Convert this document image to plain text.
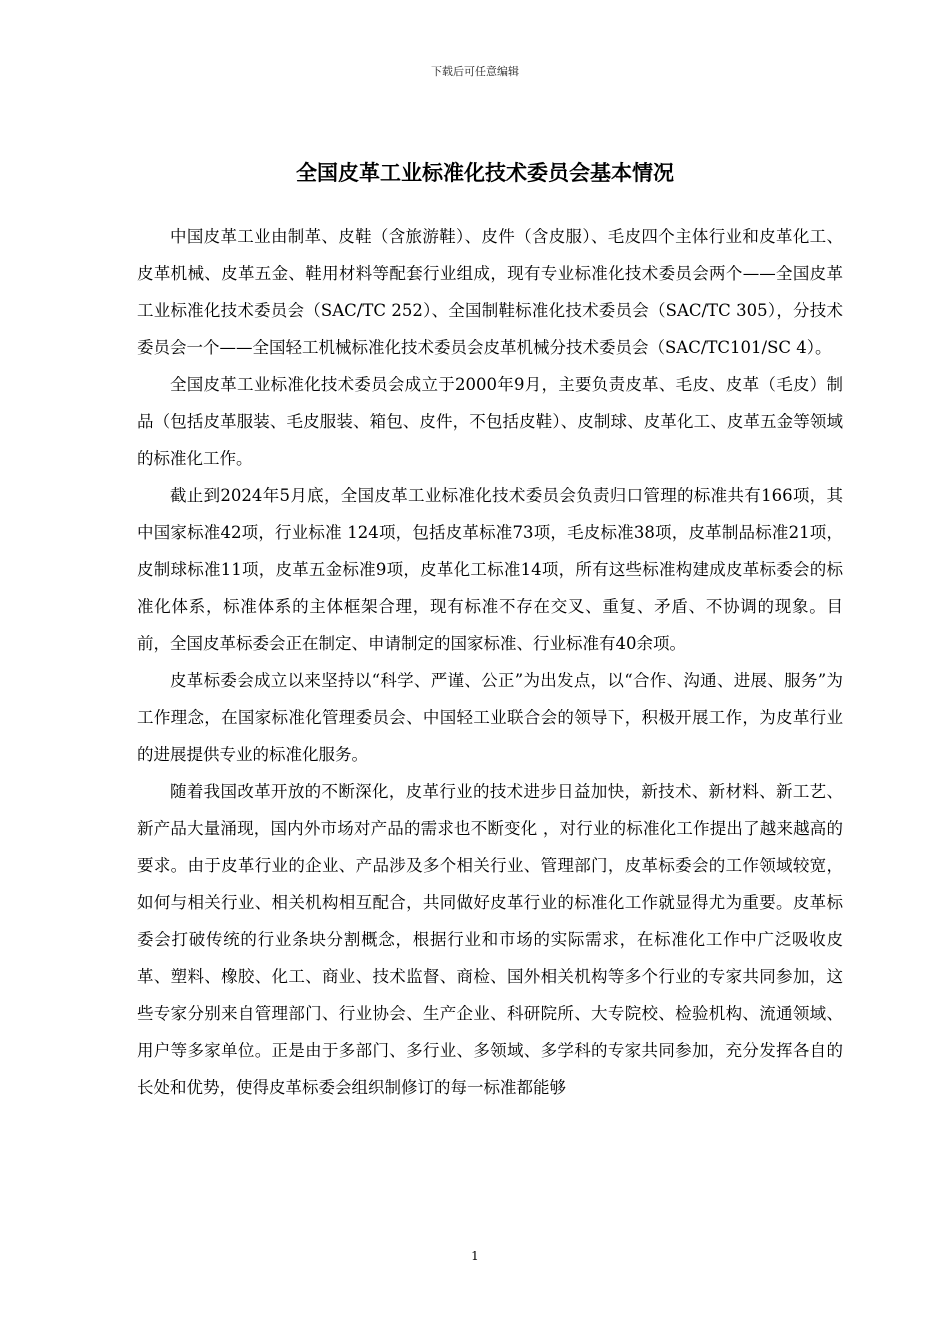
下载后可任意编辑
全国皮革工业标准化技术委员会基本情况

中国皮革工业由制革、皮鞋（含旅游鞋）、皮件（含皮服）、毛皮四个主体行业和皮革化工、皮革机械、皮革五金、鞋用材料等配套行业组成，现有专业标准化技术委员会两个——全国皮革工业标准化技术委员会（SAC/TC 252）、全国制鞋标准化技术委员会（SAC/TC 305），分技术委员会一个——全国轻工机械标准化技术委员会皮革机械分技术委员会（SAC/TC101/SC 4）。

全国皮革工业标准化技术委员会成立于2000年9月，主要负责皮革、毛皮、皮革（毛皮）制品（包括皮革服装、毛皮服装、箱包、皮件，不包括皮鞋）、皮制球、皮革化工、皮革五金等领域的标准化工作。

截止到2024年5月底，全国皮革工业标准化技术委员会负责归口管理的标准共有166项，其中国家标准42项，行业标准 124项，包括皮革标准73项，毛皮标准38项，皮革制品标准21项，皮制球标准11项，皮革五金标准9项，皮革化工标准14项，所有这些标准构建成皮革标委会的标准化体系，标准体系的主体框架合理，现有标准不存在交叉、重复、矛盾、不协调的现象。目前，全国皮革标委会正在制定、申请制定的国家标准、行业标准有40余项。

皮革标委会成立以来坚持以“科学、严谨、公正”为出发点，以“合作、沟通、进展、服务”为工作理念，在国家标准化管理委员会、中国轻工业联合会的领导下，积极开展工作，为皮革行业的进展提供专业的标准化服务。

随着我国改革开放的不断深化，皮革行业的技术进步日益加快，新技术、新材料、新工艺、新产品大量涌现，国内外市场对产品的需求也不断变化 ，对行业的标准化工作提出了越来越高的要求。由于皮革行业的企业、产品涉及多个相关行业、管理部门，皮革标委会的工作领域较宽，如何与相关行业、相关机构相互配合，共同做好皮革行业的标准化工作就显得尤为重要。皮革标委会打破传统的行业条块分割概念，根据行业和市场的实际需求，在标准化工作中广泛吸收皮革、塑料、橡胶、化工、商业、技术监督、商检、国外相关机构等多个行业的专家共同参加，这些专家分别来自管理部门、行业协会、生产企业、科研院所、大专院校、检验机构、流通领域、用户等多家单位。正是由于多部门、多行业、多领域、多学科的专家共同参加，充分发挥各自的长处和优势，使得皮革标委会组织制修订的每一标准都能够

1
